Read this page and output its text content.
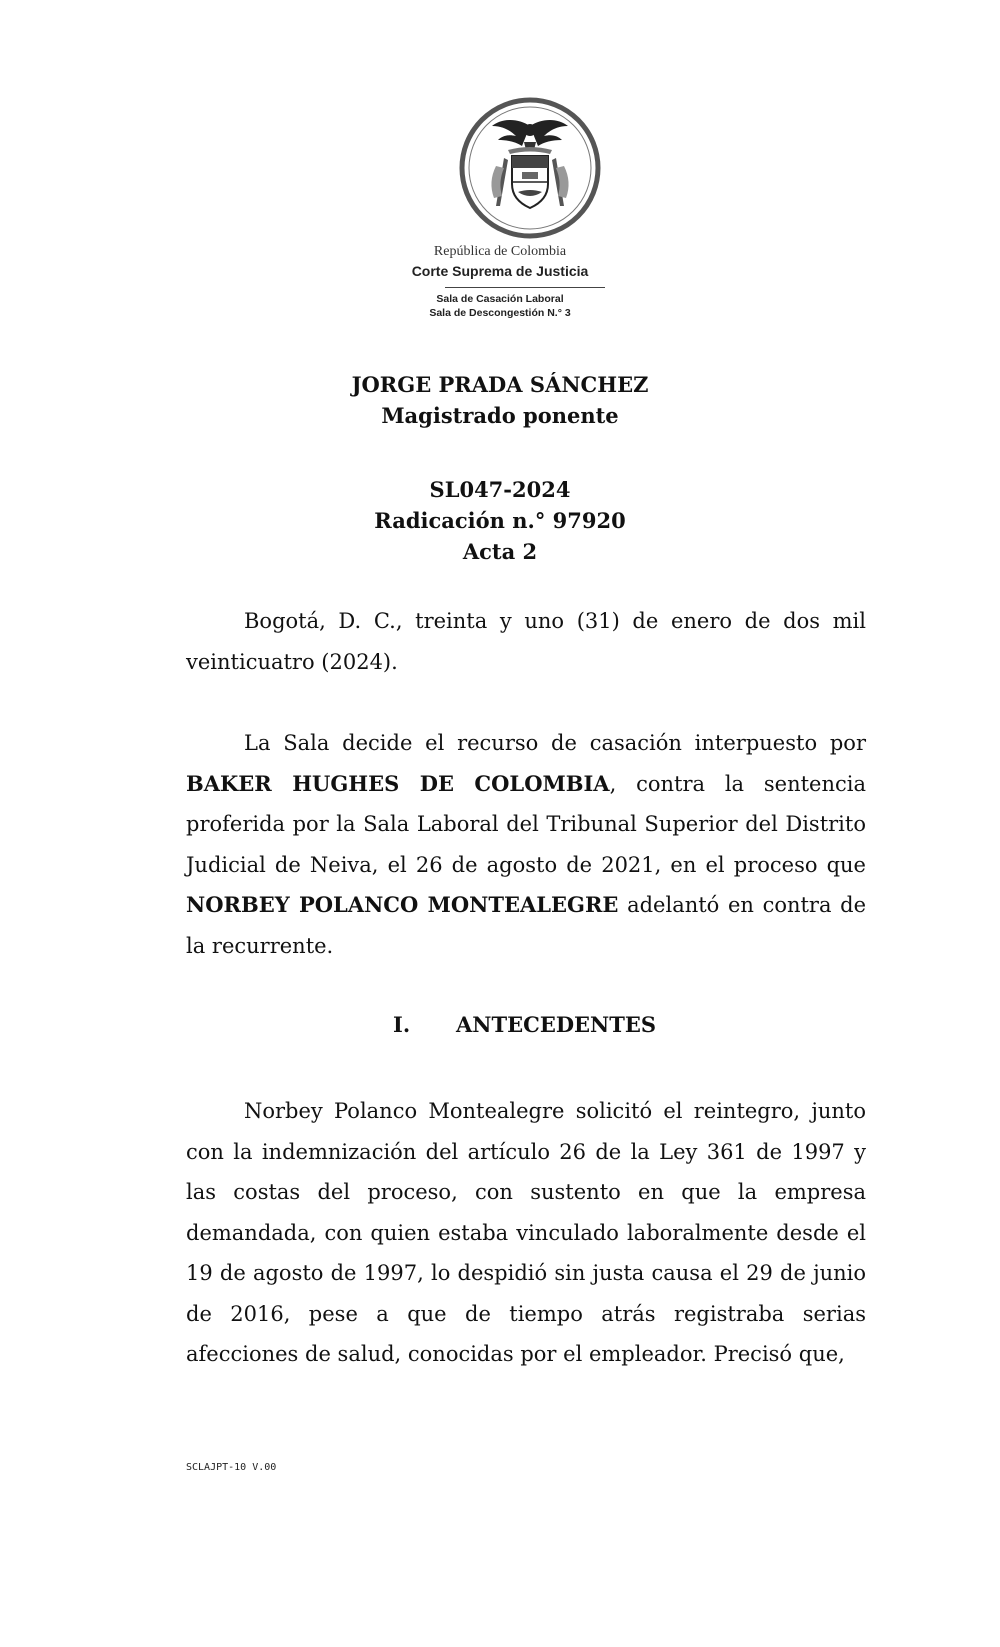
República de Colombia
Corte Suprema de Justicia
Sala de Casación Laboral
Sala de Descongestión N.° 3
JORGE PRADA SÁNCHEZ
Magistrado ponente
SL047-2024
Radicación n.° 97920
Acta 2

Bogotá, D. C., treinta y uno (31) de enero de dos mil veinticuatro (2024).

La Sala decide el recurso de casación interpuesto por BAKER HUGHES DE COLOMBIA, contra la sentencia proferida por la Sala Laboral del Tribunal Superior del Distrito Judicial de Neiva, el 26 de agosto de 2021, en el proceso que NORBEY POLANCO MONTEALEGRE adelantó en contra de la recurrente.

I. ANTECEDENTES

Norbey Polanco Montealegre solicitó el reintegro, junto con la indemnización del artículo 26 de la Ley 361 de 1997 y las costas del proceso, con sustento en que la empresa demandada, con quien estaba vinculado laboralmente desde el 19 de agosto de 1997, lo despidió sin justa causa el 29 de junio de 2016, pese a que de tiempo atrás registraba serias afecciones de salud, conocidas por el empleador. Precisó que,

SCLAJPT-10 V.00
